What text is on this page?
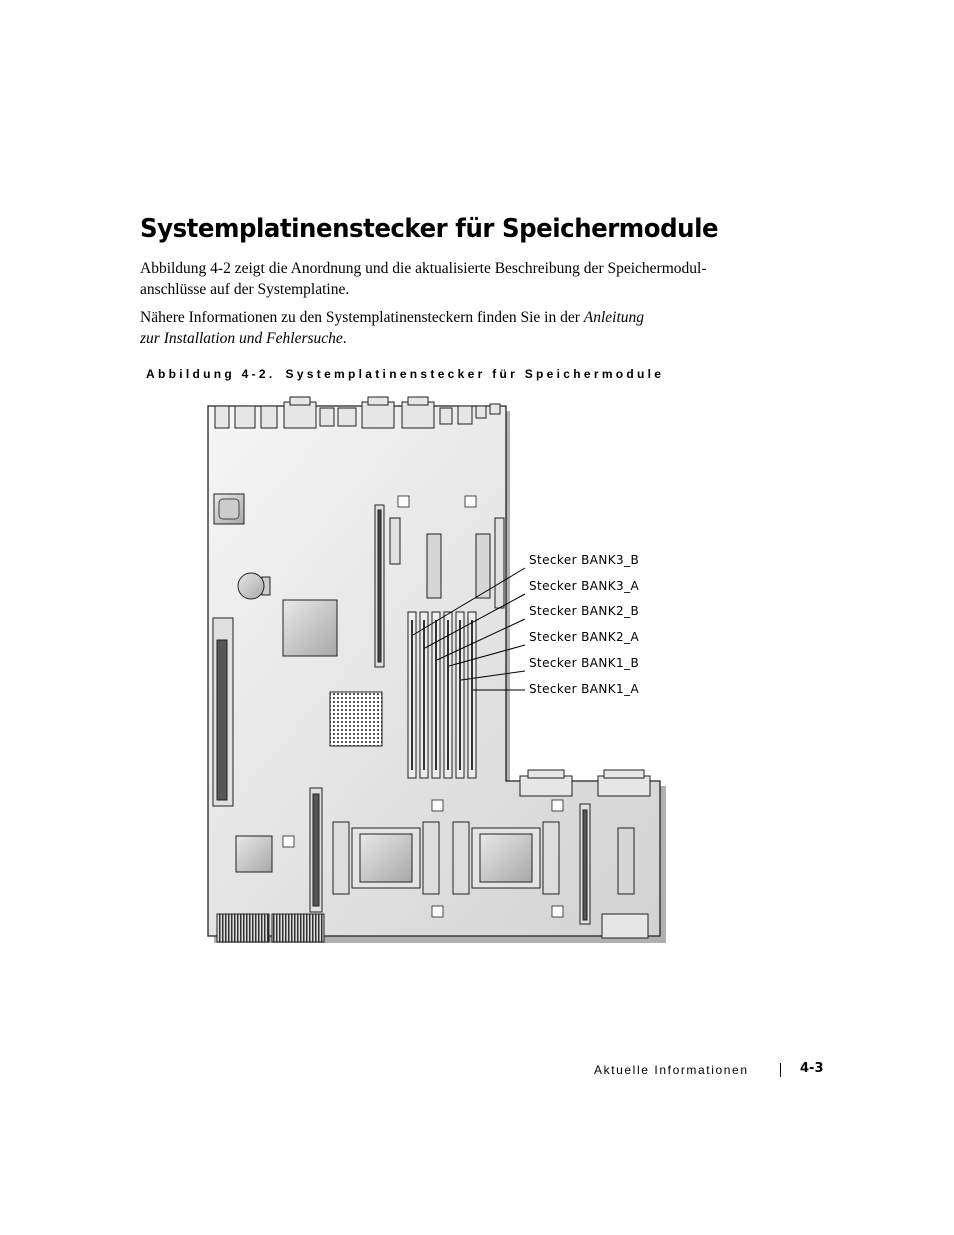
Systemplatinenstecker für Speichermodule

Abbildung 4-2 zeigt die Anordnung und die aktualisierte Beschreibung der Speichermodul-
anschlüsse auf der Systemplatine.

Nähere Informationen zu den Systemplatinensteckern finden Sie in der Anleitung
zur Installation und Fehlersuche.

Abbildung 4-2. Systemplatinenstecker für Speichermodule

Stecker BANK3_B
Stecker BANK3_A
Stecker BANK2_B
Stecker BANK2_A
Stecker BANK1_B
Stecker BANK1_A
Aktuelle Informationen	4-3
